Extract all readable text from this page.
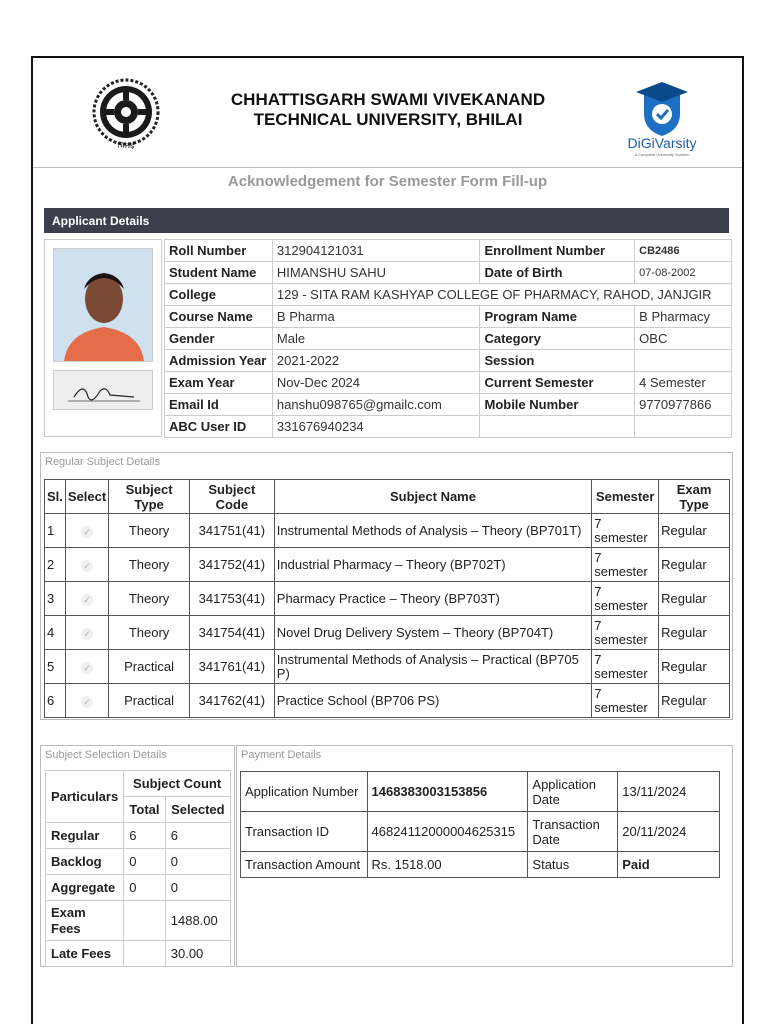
भिलाई
CHHATTISGARH SWAMI VIVEKANAND
TECHNICAL UNIVERSITY, BHILAI
DiGiVarsity
A Complete University Solution
Acknowledgement for Semester Form Fill-up
Applicant Details
Roll Number	312904121031	Enrollment Number	CB2486
Student Name	HIMANSHU SAHU	Date of Birth	07-08-2002
College	129 - SITA RAM KASHYAP COLLEGE OF PHARMACY, RAHOD, JANJGIR		
Course Name	B Pharma	Program Name	B Pharmacy
Gender	Male	Category	OBC
Admission Year	2021-2022	Session	
Exam Year	Nov-Dec 2024	Current Semester	4 Semester
Email Id	hanshu098765@gmailc.com	Mobile Number	9770977866
ABC User ID	331676940234		
Regular Subject Details
Sl.	Select	Subject Type	Subject Code	Subject Name	Semester	Exam Type
1	✓	Theory	341751(41)	Instrumental Methods of Analysis – Theory (BP701T)	7
semester	Regular
2	✓	Theory	341752(41)	Industrial Pharmacy – Theory (BP702T)	7
semester	Regular
3	✓	Theory	341753(41)	Pharmacy Practice – Theory (BP703T)	7
semester	Regular
4	✓	Theory	341754(41)	Novel Drug Delivery System – Theory (BP704T)	7
semester	Regular
5	✓	Practical	341761(41)	Instrumental Methods of Analysis – Practical (BP705 P)	7
semester	Regular
6	✓	Practical	341762(41)	Practice School (BP706 PS)	7
semester	Regular
Subject Selection Details	Payment Details
Particulars	Subject Count	
	Total	Selected
Regular	6	6
Backlog	0	0
Aggregate	0	0
Exam Fees		1488.00
Late Fees		30.00
Application Number	1468383003153856	Application Date	13/11/2024
Transaction ID	46824112000004625315	Transaction Date	20/11/2024
Transaction Amount	Rs. 1518.00	Status	Paid
